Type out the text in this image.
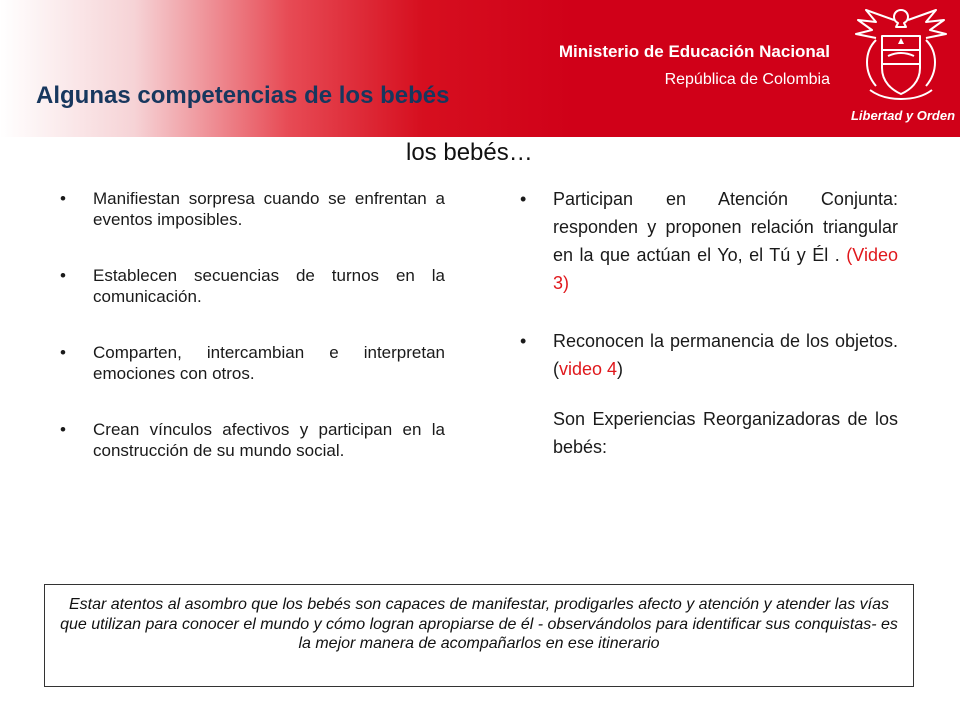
Ministerio de Educación Nacional
República de Colombia
Libertad y Orden
Algunas competencias de los bebés
los bebés…
• Manifiestan sorpresa cuando se enfrentan a eventos imposibles.
• Establecen secuencias de turnos en la comunicación.
• Comparten, intercambian e interpretan emociones con otros.
• Crean vínculos afectivos y participan en la construcción de su mundo social.
• Participan en Atención Conjunta: responden y proponen relación triangular en la que actúan el Yo, el Tú y Él . (Video 3)
• Reconocen la permanencia de los objetos.(video 4)
Son Experiencias Reorganizadoras de los bebés:
Estar atentos al asombro que los bebés son capaces de manifestar, prodigarles afecto y atención y atender las vías que utilizan para conocer el mundo y cómo logran apropiarse de él - observándolos para identificar sus conquistas- es la mejor manera de acompañarlos en ese itinerario
